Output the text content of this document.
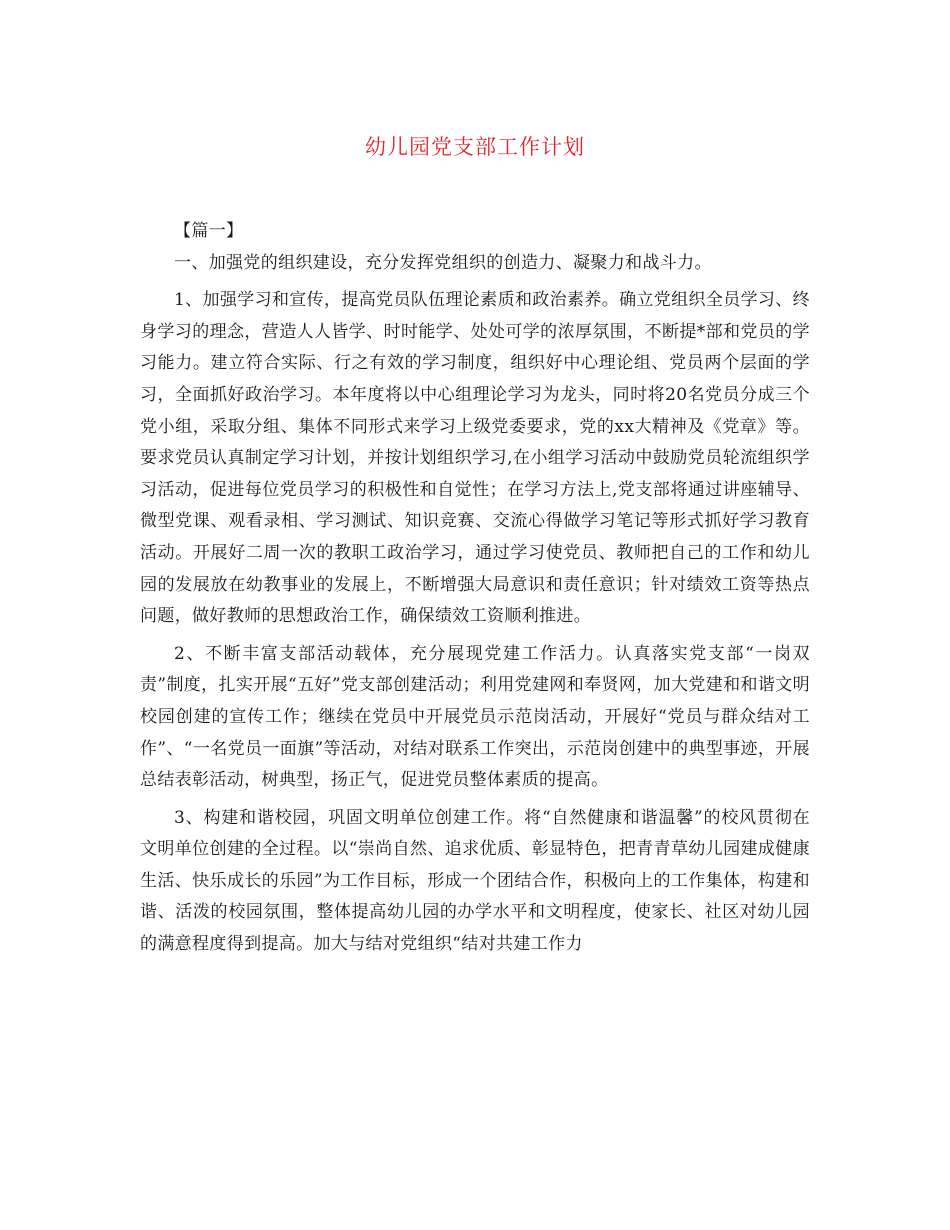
幼儿园党支部工作计划

【篇一】

一、加强党的组织建设，充分发挥党组织的创造力、凝聚力和战斗力。

1、加强学习和宣传，提高党员队伍理论素质和政治素养。确立党组织全员学习、终身学习的理念，营造人人皆学、时时能学、处处可学的浓厚氛围，不断提*部和党员的学习能力。建立符合实际、行之有效的学习制度，组织好中心理论组、党员两个层面的学习，全面抓好政治学习。本年度将以中心组理论学习为龙头，同时将20名党员分成三个党小组，采取分组、集体不同形式来学习上级党委要求，党的xx大精神及《党章》等。要求党员认真制定学习计划，并按计划组织学习,在小组学习活动中鼓励党员轮流组织学习活动，促进每位党员学习的积极性和自觉性；在学习方法上,党支部将通过讲座辅导、微型党课、观看录相、学习测试、知识竞赛、交流心得做学习笔记等形式抓好学习教育活动。开展好二周一次的教职工政治学习，通过学习使党员、教师把自己的工作和幼儿园的发展放在幼教事业的发展上，不断增强大局意识和责任意识；针对绩效工资等热点问题，做好教师的思想政治工作，确保绩效工资顺利推进。

2、不断丰富支部活动载体，充分展现党建工作活力。认真落实党支部“一岗双责”制度，扎实开展“五好”党支部创建活动；利用党建网和奉贤网，加大党建和和谐文明校园创建的宣传工作；继续在党员中开展党员示范岗活动，开展好“党员与群众结对工作”、“一名党员一面旗”等活动，对结对联系工作突出，示范岗创建中的典型事迹，开展总结表彰活动，树典型，扬正气，促进党员整体素质的提高。

3、构建和谐校园，巩固文明单位创建工作。将“自然健康和谐温馨”的校风贯彻在文明单位创建的全过程。以“崇尚自然、追求优质、彰显特色，把青青草幼儿园建成健康生活、快乐成长的乐园”为工作目标，形成一个团结合作，积极向上的工作集体，构建和谐、活泼的校园氛围，整体提高幼儿园的办学水平和文明程度，使家长、社区对幼儿园的满意程度得到提高。加大与结对党组织“结对共建工作力
